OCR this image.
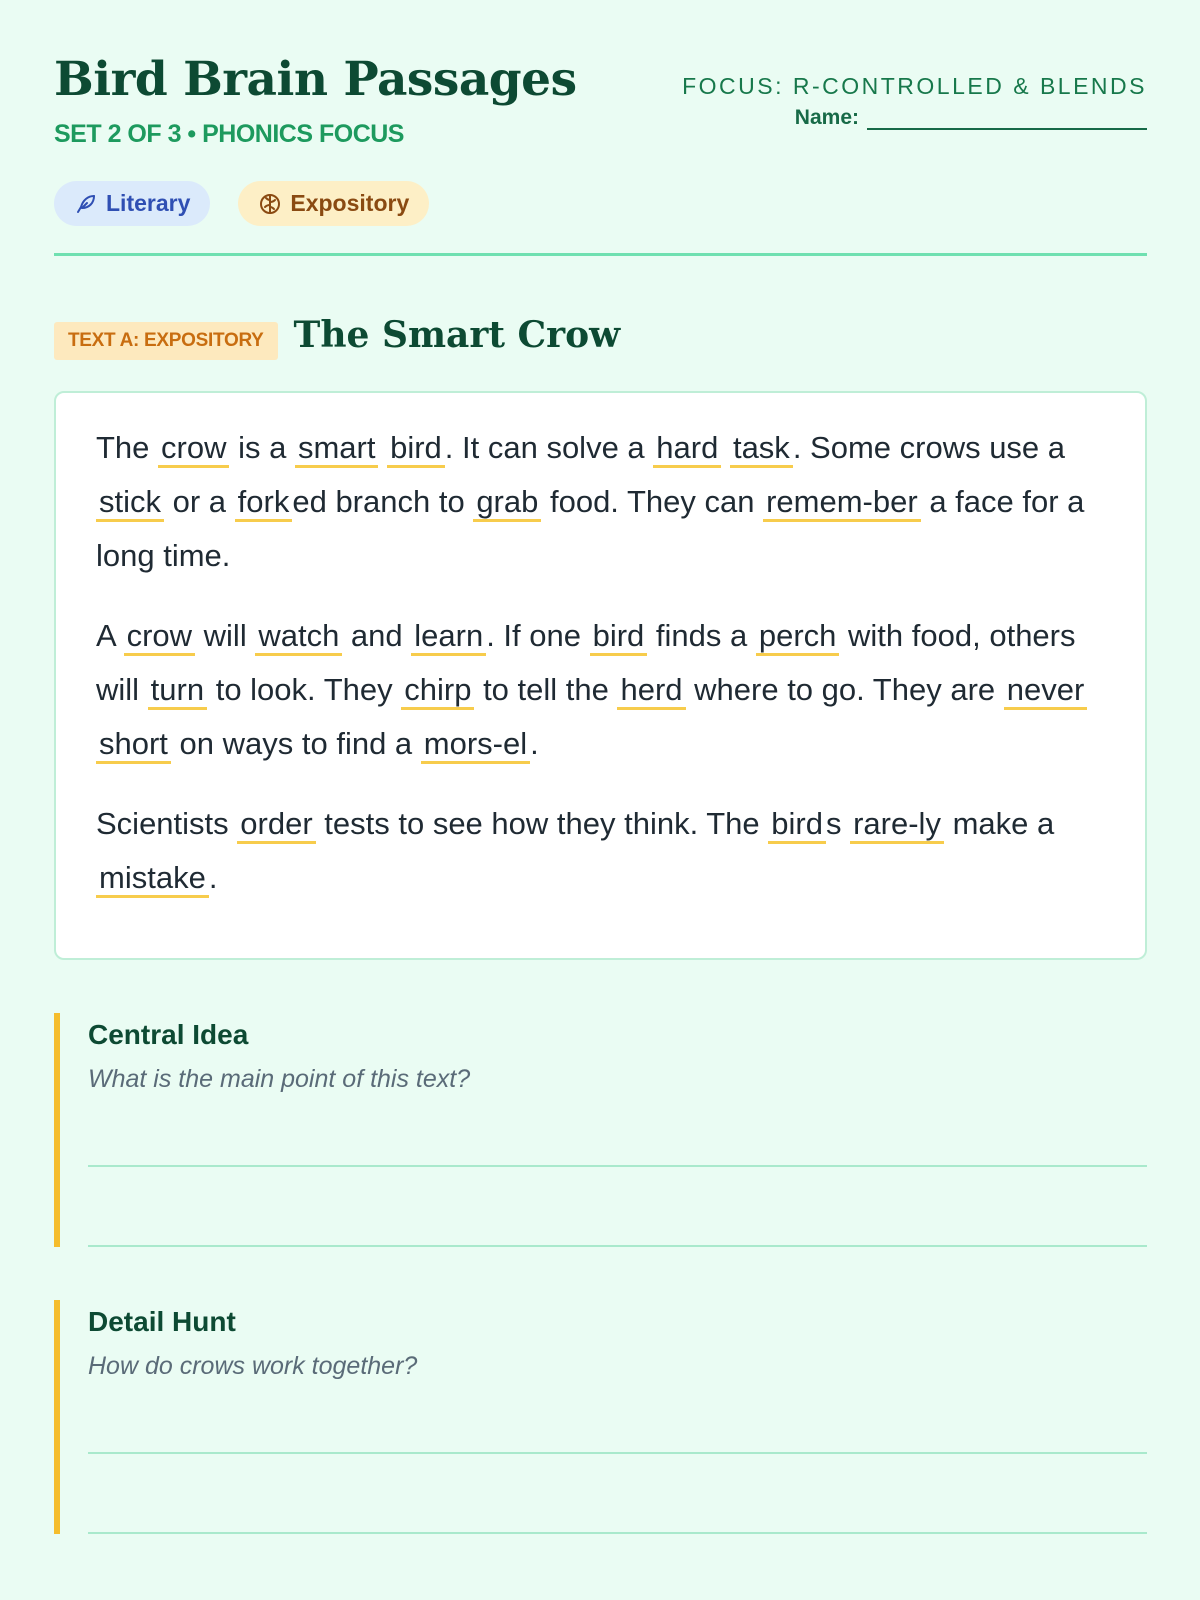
Bird Brain Passages
SET 2 OF 3 • PHONICS FOCUS
FOCUS: R-CONTROLLED & BLENDS
Name:
Literary	Expository
TEXT A: EXPOSITORY The Smart Crow

The crow is a smart bird. It can solve a hard task. Some crows use a stick or a forked branch to grab food. They can remem-ber a face for a long time.

A crow will watch and learn. If one bird finds a perch with food, others will turn to look. They chirp to tell the herd where to go. They are never short on ways to find a mors-el.

Scientists order tests to see how they think. The birds rare-ly make a mistake.

Central Idea
What is the main point of this text?
Detail Hunt
How do crows work together?
